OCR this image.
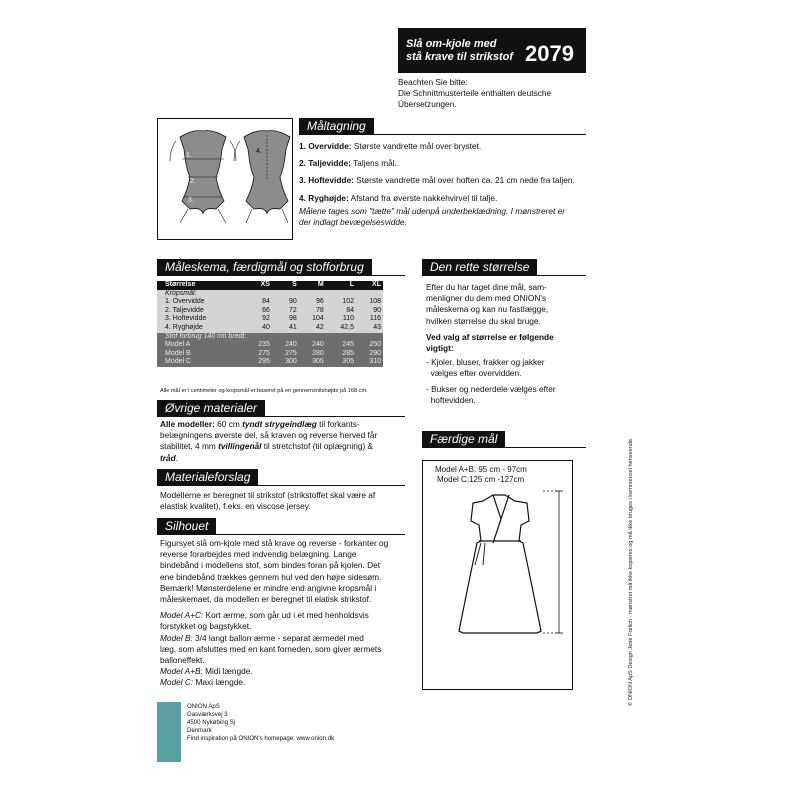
Slå om-kjole med
stå krave til strikstof 2079
Beachten Sie bitte:
Die Schnittmusterteile enthalten deutsche
Übersetzungen.
1.
2.
3.
4.
Måltagning
1. Overvidde: Største vandrette mål over brystet.
2. Taljevidde: Taljens mål.
3. Hoftevidde: Største vandrette mål over hoften ca. 21 cm nede fra taljen.
4. Ryghøjde: Afstand fra øverste nakkehvirvel til talje.
Målene tages som "tætte" mål udenpå underbeklædning. I mønstreret er
der indlagt bevægelsesvidde.
Måleskema, færdigmål og stofforbrug
Størrelse	XS	S	M	L	XL
Kropsmål:					
1. Overvidde	84	90	96	102	108
2. Taljevidde	66	72	78	84	90
3. Hoftevidde	92	98	104	110	116
4. Ryghøjde	40	41	42	42,5	43
Stof forbrug 140 cm bredt:					
Model A	235	240	240	245	250
Model B	275	275	280	285	290
Model C	295	300	305	305	310
Alle mål er i centimeter og kropsmål er baseret på en gennemsnitshøjde på 168 cm.
Øvrige materialer
Alle modeller: 60 cm tyndt strygeindlæg til forkants-
belægningens øverste del, så kraven og reverse herved får
stabilitet, 4 mm tvillingenål til stretchstof (til oplægning) &
tråd.
Materialeforslag
Modellerne er beregnet til strikstof (strikstoffet skal være af
elastisk kvalitet), f.eks. en viscose jersey.
Silhouet
Figursyet slå om-kjole med stå krave og reverse - forkanter og
reverse forarbejdes med indvendig belægning. Lange
bindebånd i modellens stof, som bindes foran på kjolen. Det
ene bindebånd trækkes gennem hul ved den højre sidesøm.
Bemærk! Mønsterdelene er mindre end angivne kropsmål i
måleskemaet, da modellen er beregnet til elatisk strikstof.
Model A+C: Kort ærme, som går ud i et med henholdsvis
forstykket og bagstykket.
Model B: 3/4 langt ballon ærme - separat ærmedel med
læg, som afsluttes med en kant forneden, som giver ærmets
balloneffekt.
Model A+B: Midi længde.
Model C: Maxi længde.
ONION ApS
Gasværksvej 3
4500 Nykøbing Sj
Denmark
Find inspiration på ONION's homepage: www.onion.dk
Den rette størrelse
Efter du har taget dine mål, sam-
menligner du dem med ONION's
måleskema og kan nu fastlægge,
hvilken størrelse du skal bruge.
Ved valg af størrelse er følgende
vigtigt:
- Kjoler, bluser, frakker og jakker
vælges efter overvidden.
- Bukser og nederdele vælges efter
hoftevidden.
Færdige mål
Model A+B: 95 cm - 97cm
Model C:125 cm -127cm	© ONION ApS Design Jette Frølich - mønstret må ikke kopieres og må ikke bruges i kommerciel henseende.
